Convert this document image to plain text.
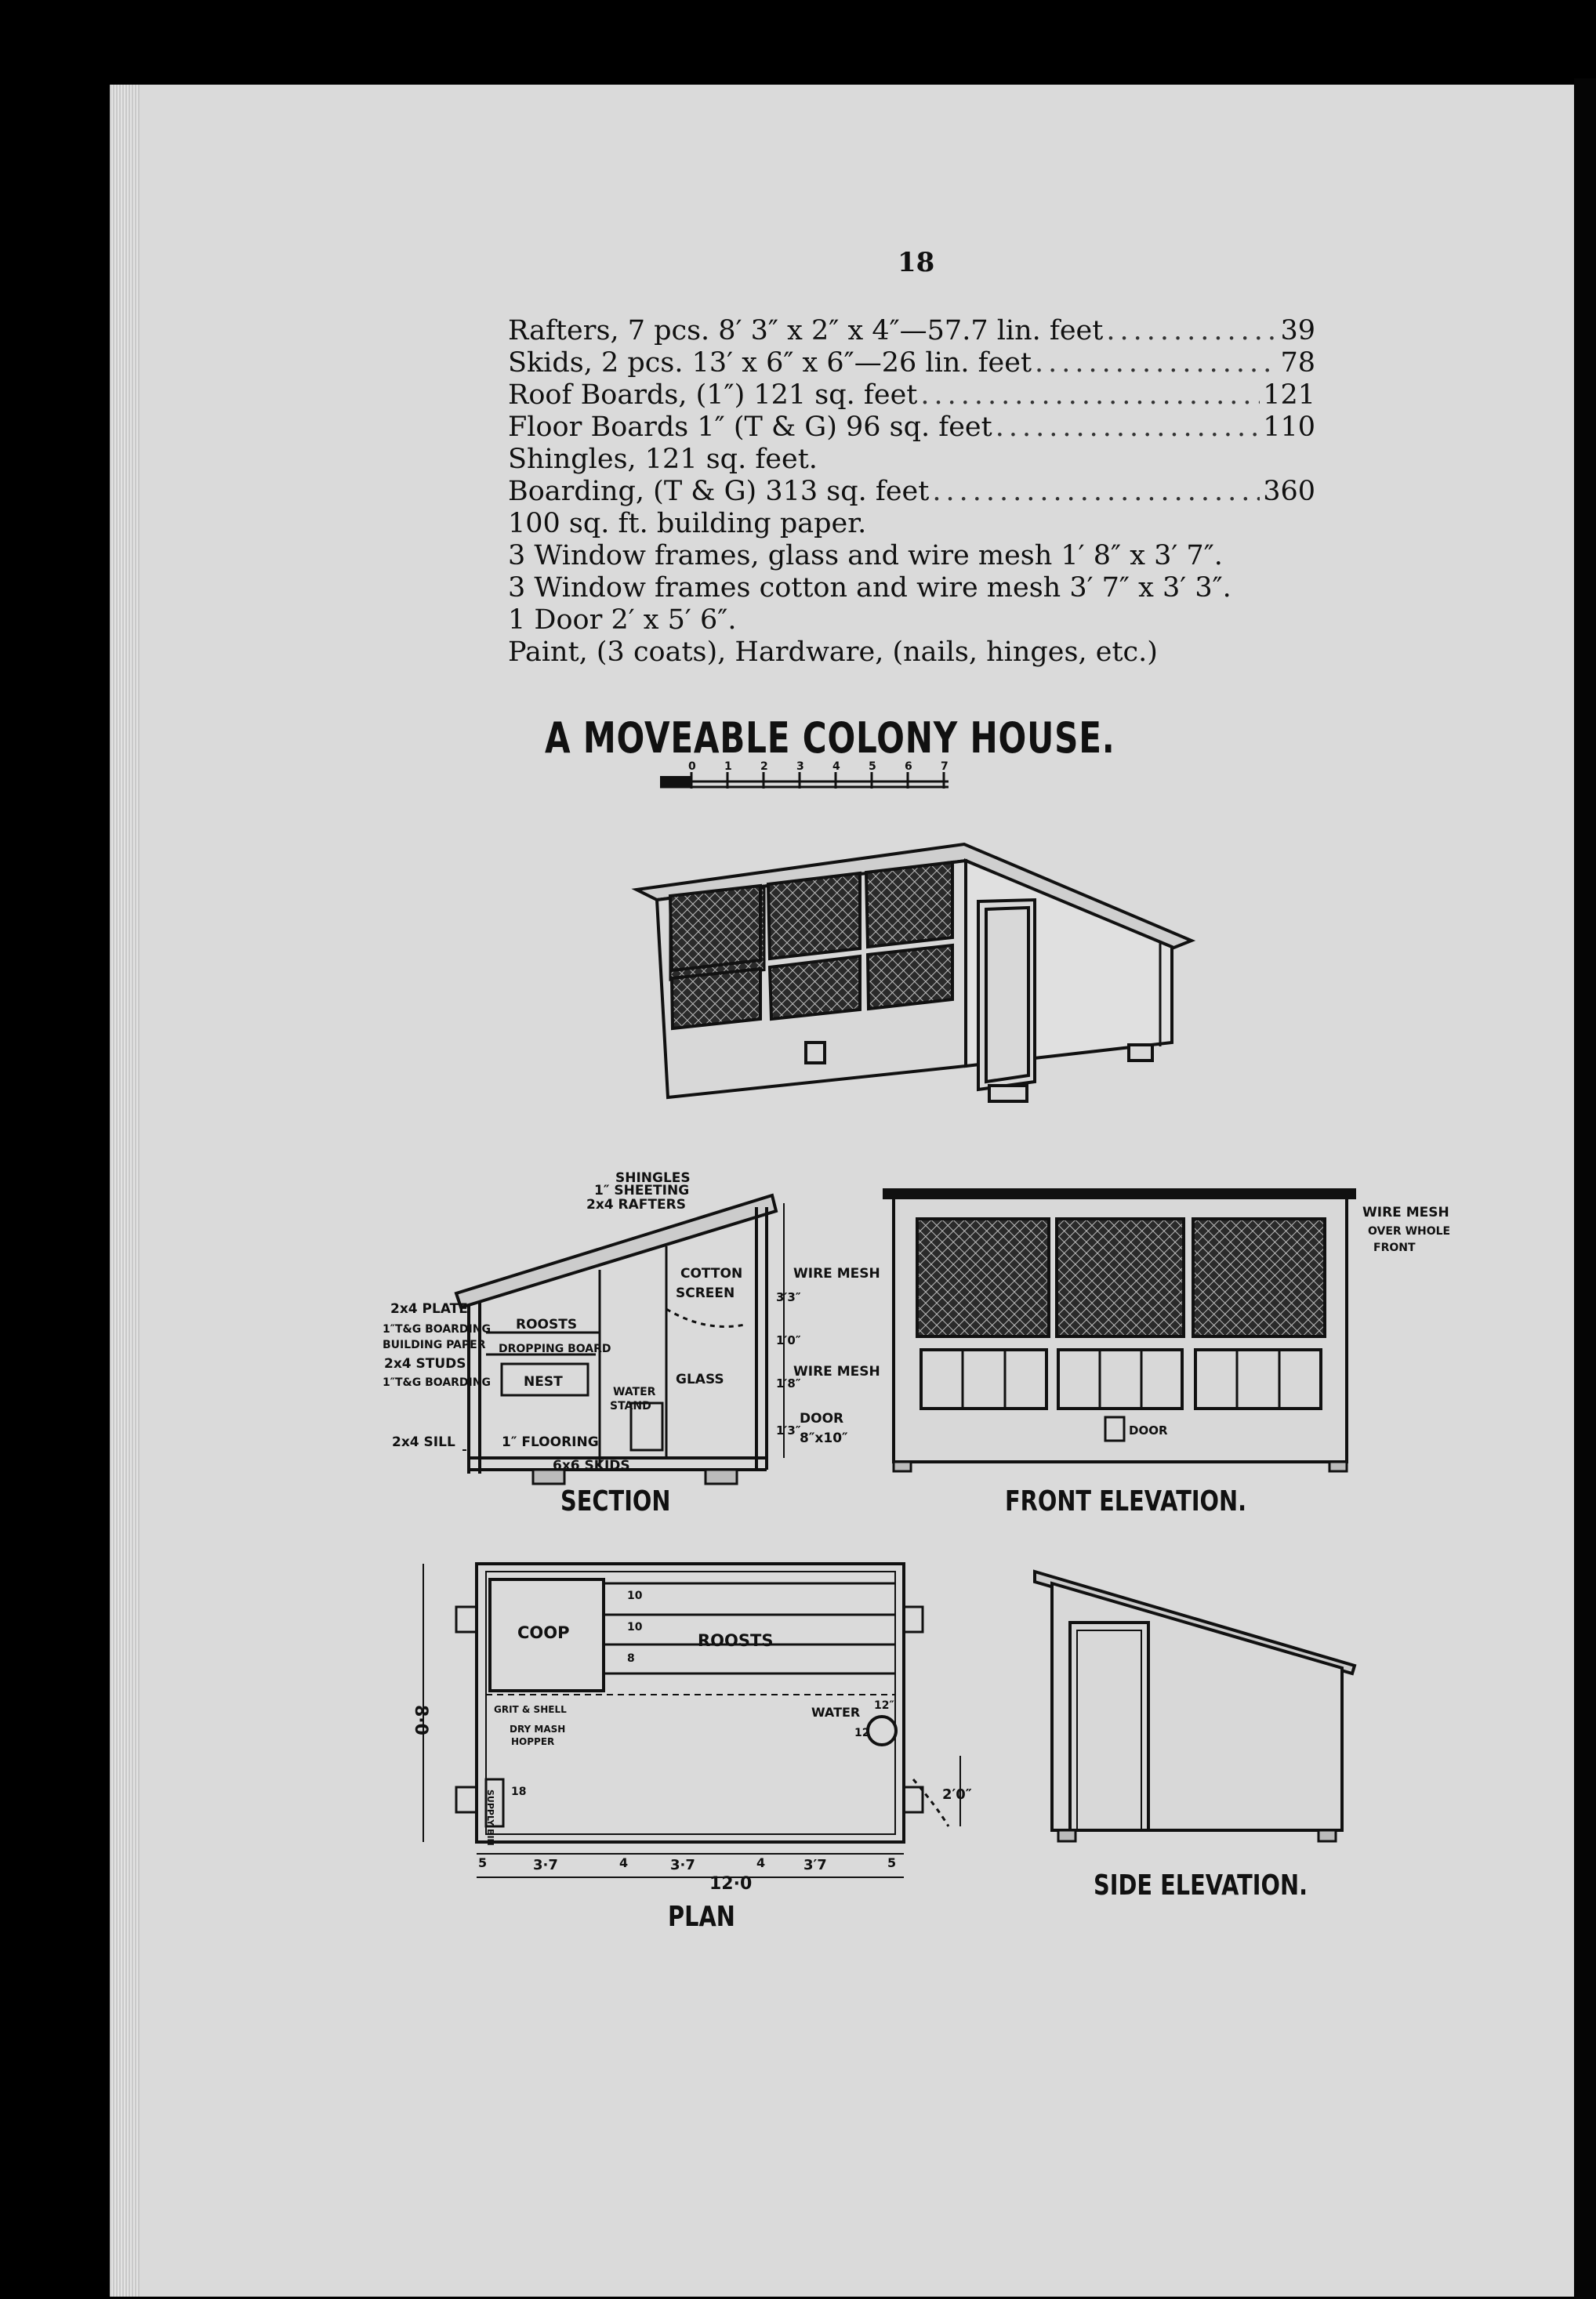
18
Rafters, 7 pcs. 8′ 3″ x 2″ x 4″—57.7 lin. feet .....	39
Skids, 2 pcs. 13′ x 6″ x 6″—26 lin. feet .....	78
Roof Boards, (1″) 121 sq. feet .....	121
Floor Boards 1″ (T & G) 96 sq. feet .....	110
Shingles, 121 sq. feet.
Boarding, (T & G) 313 sq. feet .....	360
100 sq. ft. building paper.
3 Window frames, glass and wire mesh 1′ 8″ x 3′ 7″.
3 Window frames cotton and wire mesh 3′ 7″ x 3′ 3″.
1 Door 2′ x 5′ 6″.
Paint, (3 coats), Hardware, (nails, hinges, etc.)
A MOVEABLE COLONY HOUSE.
0	1	2	3	4	5	6	7
SHINGLES
1″ SHEETING
2x4 RAFTERS
COTTON
SCREEN
WIRE MESH
WIRE MESH
2x4 PLATE
1″T&G BOARDING
BUILDING PAPER
2x4 STUDS
1″T&G BOARDING
ROOSTS
DROPPING BOARD
NEST	GLASS
WATER
STAND
2x4 SILL	1″ FLOORING
6x6 SKIDS
DOOR
8″x10″
3′3″
1′0″
1′8″
1′3″
WIRE MESH
OVER WHOLE
FRONT
DOOR
COOP	ROOSTS
WATER
GRIT & SHELL
DRY MASH
HOPPER
SUPPLY BIN
8·0
10
10
8
12″
12
18	2′0″
5	3·7	4	3·7	4	3′7	5
12·0
SECTION	FRONT ELEVATION.
PLAN
SIDE ELEVATION.
